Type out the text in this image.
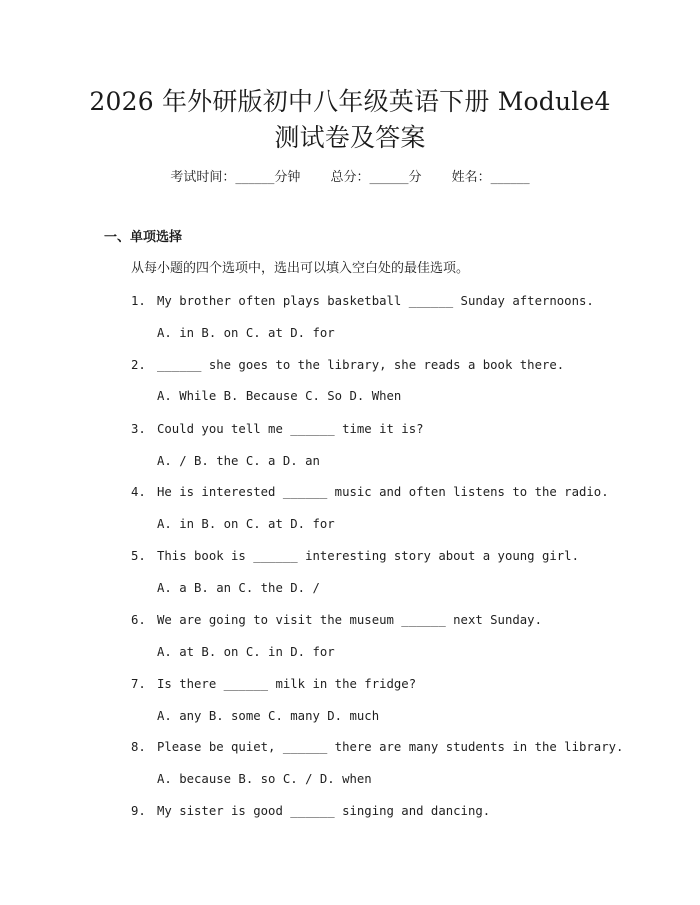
2026 年外研版初中八年级英语下册 Module4
测试卷及答案
考试时间：______分钟 总分：______分 姓名：______
一、单项选择
从每小题的四个选项中，选出可以填入空白处的最佳选项。
1. My brother often plays basketball ______ Sunday afternoons.
A. in B. on C. at D. for
2. ______ she goes to the library, she reads a book there.
A. While B. Because C. So D. When
3. Could you tell me ______ time it is?
A. / B. the C. a D. an
4. He is interested ______ music and often listens to the radio.
A. in B. on C. at D. for
5. This book is ______ interesting story about a young girl.
A. a B. an C. the D. /
6. We are going to visit the museum ______ next Sunday.
A. at B. on C. in D. for
7. Is there ______ milk in the fridge?
A. any B. some C. many D. much
8. Please be quiet, ______ there are many students in the library.
A. because B. so C. / D. when
9. My sister is good ______ singing and dancing.
